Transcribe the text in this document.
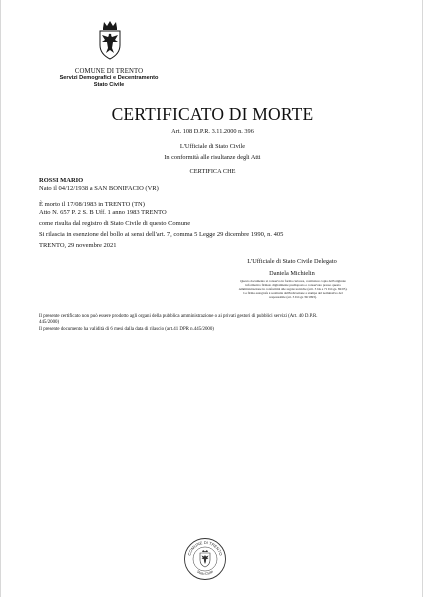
COMUNE DI TRENTO
Servizi Demografici e Decentramento
Stato Civile
CERTIFICATO DI MORTE
Art. 108 D.P.R. 3.11.2000 n. 396
L'Ufficiale di Stato Civile
In conformità alle risultanze degli Atti
CERTIFICA CHE
ROSSI MARIO
Nato il 04/12/1938 a SAN BONIFACIO (VR)
È morto il 17/08/1983 in TRENTO (TN)
Atto N. 657 P. 2 S. B Uff. 1 anno 1983 TRENTO
come risulta dal registro di Stato Civile di questo Comune
Si rilascia in esenzione del bollo ai sensi dell'art. 7, comma 5 Legge 29 dicembre 1990, n. 405
TRENTO, 29 novembre 2021
L'Ufficiale di Stato Civile Delegato
Daniela Michielin
Questo documento si conserva in forma cartacea, costituisce copia dell'originale
informatico firmato digitalmente predisposto e conservato presso questa
Amministrazione in conformità alle regole tecniche (artt. 3 bis e 71 D.Lgs. 82/05).
La firma autografa è sostituita dall'indicazione a stampa del nominativo del
responsabile (art. 3 D.Lgs 39/1993).
Il presente certificato non può essere prodotto agli organi della pubblica amministrazione o ai privati gestori di pubblici servizi (Art. 40 D.P.R.
445/2000)
Il presente documento ha validità di 6 mesi dalla data di rilascio (art.41 DPR n.445/2000)
COMUNE DI TRENTO
Stato Civile
